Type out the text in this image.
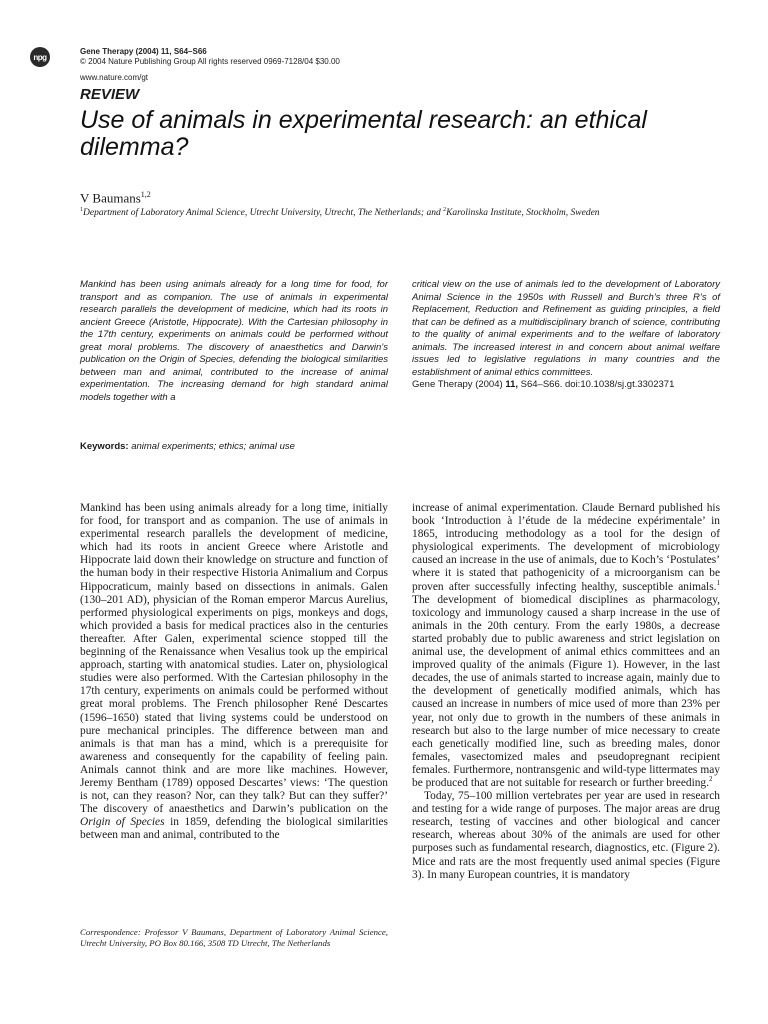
npg
Gene Therapy (2004) 11, S64–S66
© 2004 Nature Publishing Group All rights reserved 0969-7128/04 $30.00
www.nature.com/gt
REVIEW
Use of animals in experimental research: an ethical dilemma?
V Baumans$^{1,2}$
$^1$Department of Laboratory Animal Science, Utrecht University, Utrecht, The Netherlands; and $^2$Karolinska Institute, Stockholm, Sweden
Mankind has been using animals already for a long time for food, for transport and as companion. The use of animals in experimental research parallels the development of medicine, which had its roots in ancient Greece (Aristotle, Hippocrate). With the Cartesian philosophy in the 17th century, experiments on animals could be performed without great moral problems. The discovery of anaesthetics and Darwin’s publication on the Origin of Species, defending the biological similarities between man and animal, contributed to the increase of animal experimentation. The increasing demand for high standard animal models together with a
critical view on the use of animals led to the development of Laboratory Animal Science in the 1950s with Russell and Burch’s three R’s of Replacement, Reduction and Refinement as guiding principles, a field that can be defined as a multidisciplinary branch of science, contributing to the quality of animal experiments and to the welfare of laboratory animals. The increased interest in and concern about animal welfare issues led to legislative regulations in many countries and the establishment of animal ethics committees.
Gene Therapy (2004) 11, S64–S66. doi:10.1038/sj.gt.3302371
Keywords: animal experiments; ethics; animal use

Mankind has been using animals already for a long time, initially for food, for transport and as companion. The use of animals in experimental research parallels the development of medicine, which had its roots in ancient Greece where Aristotle and Hippocrate laid down their knowledge on structure and function of the human body in their respective Historia Animalium and Corpus Hippocraticum, mainly based on dissections in animals. Galen (130–201 AD), physician of the Roman emperor Marcus Aurelius, performed physiological experiments on pigs, monkeys and dogs, which provided a basis for medical practices also in the centuries thereafter. After Galen, experimental science stopped till the beginning of the Renaissance when Vesalius took up the empirical approach, starting with anatomical studies. Later on, physiological studies were also performed. With the Cartesian philosophy in the 17th century, experiments on animals could be performed without great moral problems. The French philosopher René Descartes (1596–1650) stated that living systems could be understood on pure mechanical principles. The difference between man and animals is that man has a mind, which is a prerequisite for awareness and consequently for the capability of feeling pain. Animals cannot think and are more like machines. However, Jeremy Bentham (1789) opposed Descartes’ views: ‘The question is not, can they reason? Nor, can they talk? But can they suffer?’ The discovery of anaesthetics and Darwin’s publication on the Origin of Species in 1859, defending the biological similarities between man and animal, contributed to the

Correspondence: Professor V Baumans, Department of Laboratory Animal Science, Utrecht University, PO Box 80.166, 3508 TD Utrecht, The Netherlands

increase of animal experimentation. Claude Bernard published his book ‘Introduction à l’étude de la médecine expérimentale’ in 1865, introducing methodology as a tool for the design of physiological experiments. The development of microbiology caused an increase in the use of animals, due to Koch’s ‘Postulates’ where it is stated that pathogenicity of a microorganism can be proven after successfully infecting healthy, susceptible animals.$^1$ The development of biomedical disciplines as pharmacology, toxicology and immunology caused a sharp increase in the use of animals in the 20th century. From the early 1980s, a decrease started probably due to public awareness and strict legislation on animal use, the development of animal ethics committees and an improved quality of the animals (Figure 1). However, in the last decades, the use of animals started to increase again, mainly due to the development of genetically modified animals, which has caused an increase in numbers of mice used of more than 23% per year, not only due to growth in the numbers of these animals in research but also to the large number of mice necessary to create each genetically modified line, such as breeding males, donor females, vasectomized males and pseudopregnant recipient females. Furthermore, nontransgenic and wild-type littermates may be produced that are not suitable for research or further breeding.$^2$

Today, 75–100 million vertebrates per year are used in research and testing for a wide range of purposes. The major areas are drug research, testing of vaccines and other biological and cancer research, whereas about 30% of the animals are used for other purposes such as fundamental research, diagnostics, etc. (Figure 2). Mice and rats are the most frequently used animal species (Figure 3). In many European countries, it is mandatory
